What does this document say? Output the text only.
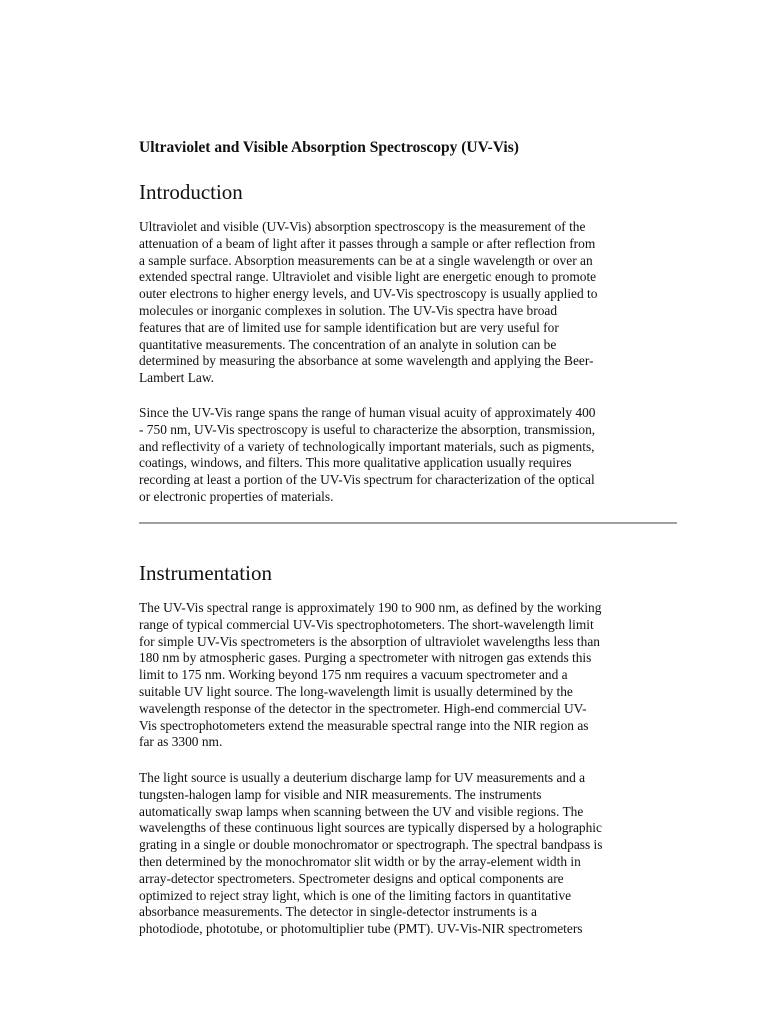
Ultraviolet and Visible Absorption Spectroscopy (UV-Vis)
Introduction

Ultraviolet and visible (UV-Vis) absorption spectroscopy is the measurement of the
attenuation of a beam of light after it passes through a sample or after reflection from
a sample surface. Absorption measurements can be at a single wavelength or over an
extended spectral range. Ultraviolet and visible light are energetic enough to promote
outer electrons to higher energy levels, and UV-Vis spectroscopy is usually applied to
molecules or inorganic complexes in solution. The UV-Vis spectra have broad
features that are of limited use for sample identification but are very useful for
quantitative measurements. The concentration of an analyte in solution can be
determined by measuring the absorbance at some wavelength and applying the Beer-
Lambert Law.

Since the UV-Vis range spans the range of human visual acuity of approximately 400
- 750 nm, UV-Vis spectroscopy is useful to characterize the absorption, transmission,
and reflectivity of a variety of technologically important materials, such as pigments,
coatings, windows, and filters. This more qualitative application usually requires
recording at least a portion of the UV-Vis spectrum for characterization of the optical
or electronic properties of materials.

Instrumentation

The UV-Vis spectral range is approximately 190 to 900 nm, as defined by the working
range of typical commercial UV-Vis spectrophotometers. The short-wavelength limit
for simple UV-Vis spectrometers is the absorption of ultraviolet wavelengths less than
180 nm by atmospheric gases. Purging a spectrometer with nitrogen gas extends this
limit to 175 nm. Working beyond 175 nm requires a vacuum spectrometer and a
suitable UV light source. The long-wavelength limit is usually determined by the
wavelength response of the detector in the spectrometer. High-end commercial UV-
Vis spectrophotometers extend the measurable spectral range into the NIR region as
far as 3300 nm.

The light source is usually a deuterium discharge lamp for UV measurements and a
tungsten-halogen lamp for visible and NIR measurements. The instruments
automatically swap lamps when scanning between the UV and visible regions. The
wavelengths of these continuous light sources are typically dispersed by a holographic
grating in a single or double monochromator or spectrograph. The spectral bandpass is
then determined by the monochromator slit width or by the array-element width in
array-detector spectrometers. Spectrometer designs and optical components are
optimized to reject stray light, which is one of the limiting factors in quantitative
absorbance measurements. The detector in single-detector instruments is a
photodiode, phototube, or photomultiplier tube (PMT). UV-Vis-NIR spectrometers
